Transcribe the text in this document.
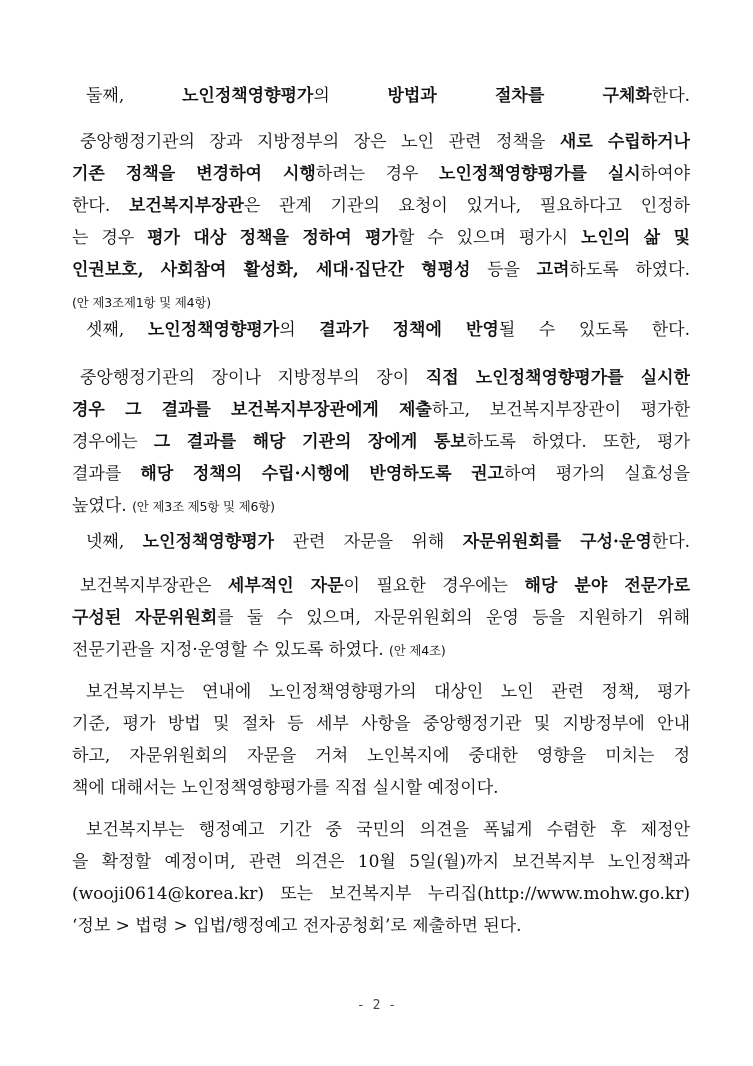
둘째, 노인정책영향평가의 방법과 절차를 구체화한다.
중앙행정기관의 장과 지방정부의 장은 노인 관련 정책을 새로 수립하거나
기존 정책을 변경하여 시행하려는 경우 노인정책영향평가를 실시하여야
한다. 보건복지부장관은 관계 기관의 요청이 있거나, 필요하다고 인정하
는 경우 평가 대상 정책을 정하여 평가할 수 있으며 평가시 노인의 삶 및
인권보호, 사회참여 활성화, 세대·집단간 형평성 등을 고려하도록 하였다.
(안 제3조제1항 및 제4항)
셋째, 노인정책영향평가의 결과가 정책에 반영될 수 있도록 한다.
중앙행정기관의 장이나 지방정부의 장이 직접 노인정책영향평가를 실시한
경우 그 결과를 보건복지부장관에게 제출하고, 보건복지부장관이 평가한
경우에는 그 결과를 해당 기관의 장에게 통보하도록 하였다. 또한, 평가
결과를 해당 정책의 수립·시행에 반영하도록 권고하여 평가의 실효성을
높였다. (안 제3조 제5항 및 제6항)
넷째, 노인정책영향평가 관련 자문을 위해 자문위원회를 구성·운영한다.
보건복지부장관은 세부적인 자문이 필요한 경우에는 해당 분야 전문가로
구성된 자문위원회를 둘 수 있으며, 자문위원회의 운영 등을 지원하기 위해
전문기관을 지정·운영할 수 있도록 하였다. (안 제4조)
보건복지부는 연내에 노인정책영향평가의 대상인 노인 관련 정책, 평가
기준, 평가 방법 및 절차 등 세부 사항을 중앙행정기관 및 지방정부에 안내
하고, 자문위원회의 자문을 거쳐 노인복지에 중대한 영향을 미치는 정
책에 대해서는 노인정책영향평가를 직접 실시할 예정이다.
보건복지부는 행정예고 기간 중 국민의 의견을 폭넓게 수렴한 후 제정안
을 확정할 예정이며, 관련 의견은 10월 5일(월)까지 보건복지부 노인정책과
(wooji0614@korea.kr) 또는 보건복지부 누리집(http://www.mohw.go.kr)
‘정보 > 법령 > 입법/행정예고 전자공청회’로 제출하면 된다.
- 2 -
